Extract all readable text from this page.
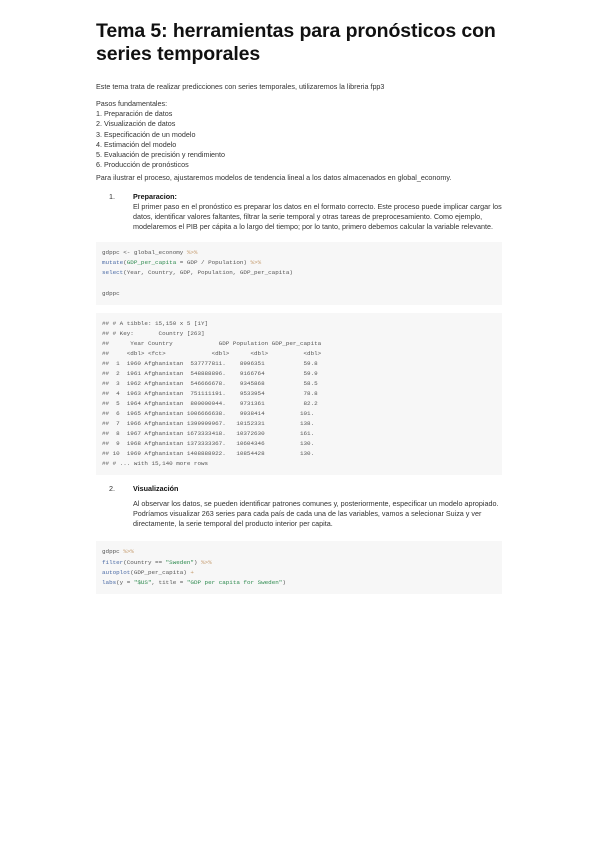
Tema 5: herramientas para pronósticos con series temporales

Este tema trata de realizar predicciones con series temporales, utilizaremos la libreria fpp3

Pasos fundamentales:

1. Preparación de datos
2. Visualización de datos
3. Especificación de un modelo
4. Estimación del modelo
5. Evaluación de precisión y rendimiento
6. Producción de pronósticos

Para ilustrar el proceso, ajustaremos modelos de tendencia lineal a los datos almacenados en global_economy.

1.	Preparacion:
El primer paso en el pronóstico es preparar los datos en el formato correcto. Este proceso puede implicar cargar los datos, identificar valores faltantes, filtrar la serie temporal y otras tareas de preprocesamiento. Como ejemplo, modelaremos el PIB per cápita a lo largo del tiempo; por lo tanto, primero debemos calcular la variable relevante.
gdppc <- global_economy %>%
mutate(GDP_per_capita = GDP / Population) %>%
select(Year, Country, GDP, Population, GDP_per_capita)
gdppc
## # A tibble: 15,150 x 5 [1Y]
## # Key:       Country [263]
##      Year Country             GDP Population GDP_per_capita
##     <dbl> <fct>             <dbl>      <dbl>          <dbl>
##  1  1960 Afghanistan  537777811.    8996351           59.8
##  2  1961 Afghanistan  548888896.    9166764           59.9
##  3  1962 Afghanistan  546666678.    9345868           58.5
##  4  1963 Afghanistan  751111191.    9533954           78.8
##  5  1964 Afghanistan  800000044.    9731361           82.2
##  6  1965 Afghanistan 1006666638.    9938414          101.
##  7  1966 Afghanistan 1399999967.   10152331          138.
##  8  1967 Afghanistan 1673333418.   10372630          161.
##  9  1968 Afghanistan 1373333367.   10604346          130.
## 10  1969 Afghanistan 1408888922.   10854428          130.
## # ... with 15,140 more rows
2.	Visualización

Al observar los datos, se pueden identificar patrones comunes y, posteriormente, especificar un modelo apropiado.

Podríamos visualizar 263 series para cada país de cada una de las variables, vamos a selecionar Suiza y ver directamente, la serie temporal del producto interior per capita.

gdppc %>%
filter(Country == "Sweden") %>%
autoplot(GDP_per_capita) +
labs(y = "$US", title = "GDP per capita for Sweden")
